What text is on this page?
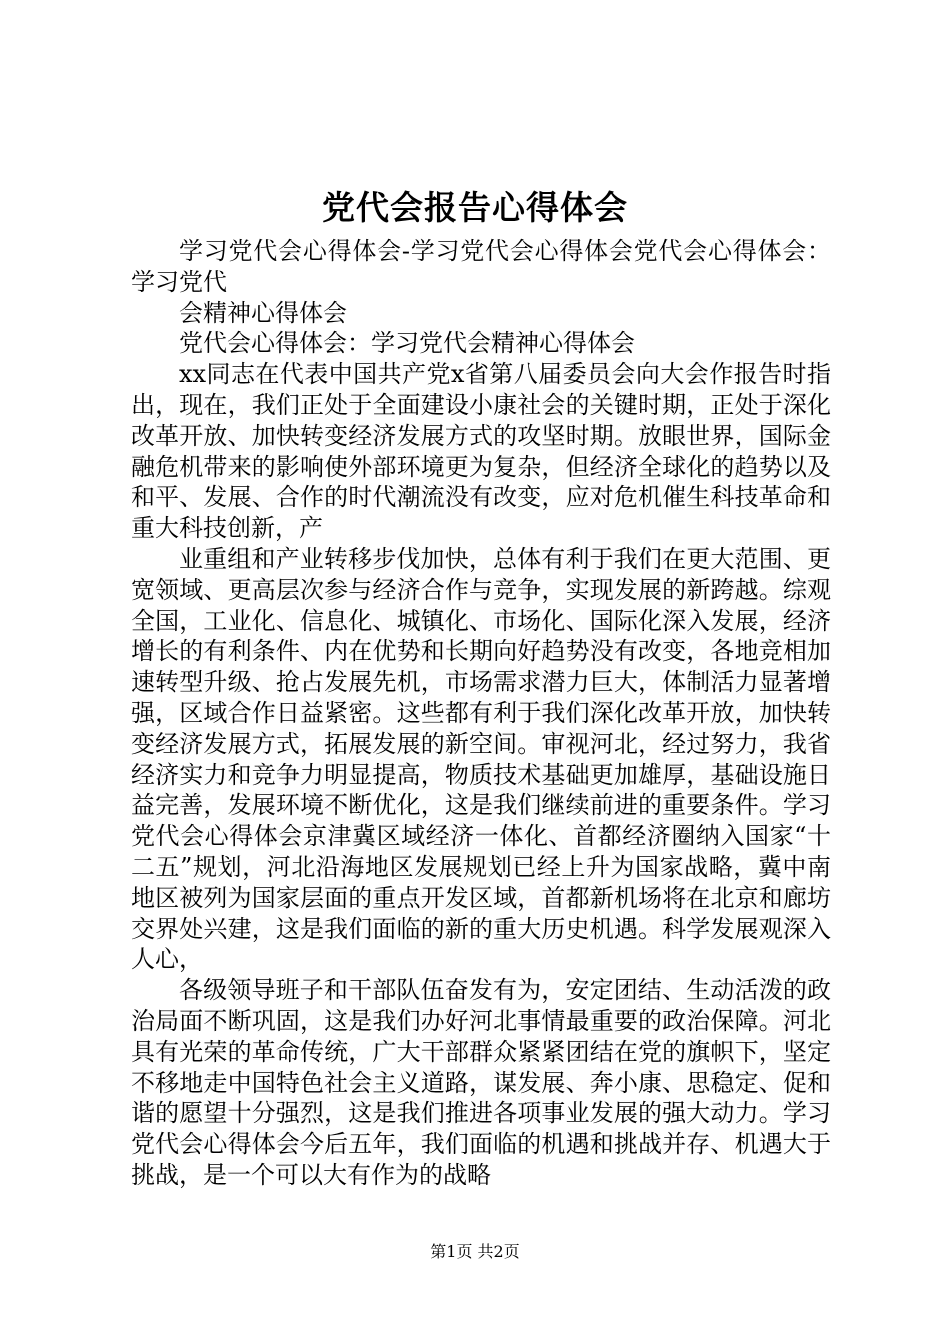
党代会报告心得体会

学习党代会心得体会-学习党代会心得体会党代会心得体会：学习党代

会精神心得体会

党代会心得体会：学习党代会精神心得体会

xx同志在代表中国共产党x省第八届委员会向大会作报告时指出，现在，我们正处于全面建设小康社会的关键时期，正处于深化改革开放、加快转变经济发展方式的攻坚时期。放眼世界，国际金融危机带来的影响使外部环境更为复杂，但经济全球化的趋势以及和平、发展、合作的时代潮流没有改变，应对危机催生科技革命和重大科技创新，产

业重组和产业转移步伐加快，总体有利于我们在更大范围、更宽领域、更高层次参与经济合作与竞争，实现发展的新跨越。综观全国，工业化、信息化、城镇化、市场化、国际化深入发展，经济增长的有利条件、内在优势和长期向好趋势没有改变，各地竞相加速转型升级、抢占发展先机，市场需求潜力巨大，体制活力显著增强，区域合作日益紧密。这些都有利于我们深化改革开放，加快转变经济发展方式，拓展发展的新空间。审视河北，经过努力，我省经济实力和竞争力明显提高，物质技术基础更加雄厚，基础设施日益完善，发展环境不断优化，这是我们继续前进的重要条件。学习党代会心得体会京津冀区域经济一体化、首都经济圈纳入国家“十二五”规划，河北沿海地区发展规划已经上升为国家战略，冀中南地区被列为国家层面的重点开发区域，首都新机场将在北京和廊坊交界处兴建，这是我们面临的新的重大历史机遇。科学发展观深入人心，

各级领导班子和干部队伍奋发有为，安定团结、生动活泼的政治局面不断巩固，这是我们办好河北事情最重要的政治保障。河北具有光荣的革命传统，广大干部群众紧紧团结在党的旗帜下，坚定不移地走中国特色社会主义道路，谋发展、奔小康、思稳定、促和谐的愿望十分强烈，这是我们推进各项事业发展的强大动力。学习党代会心得体会今后五年，我们面临的机遇和挑战并存、机遇大于挑战，是一个可以大有作为的战略

第1页 共2页
